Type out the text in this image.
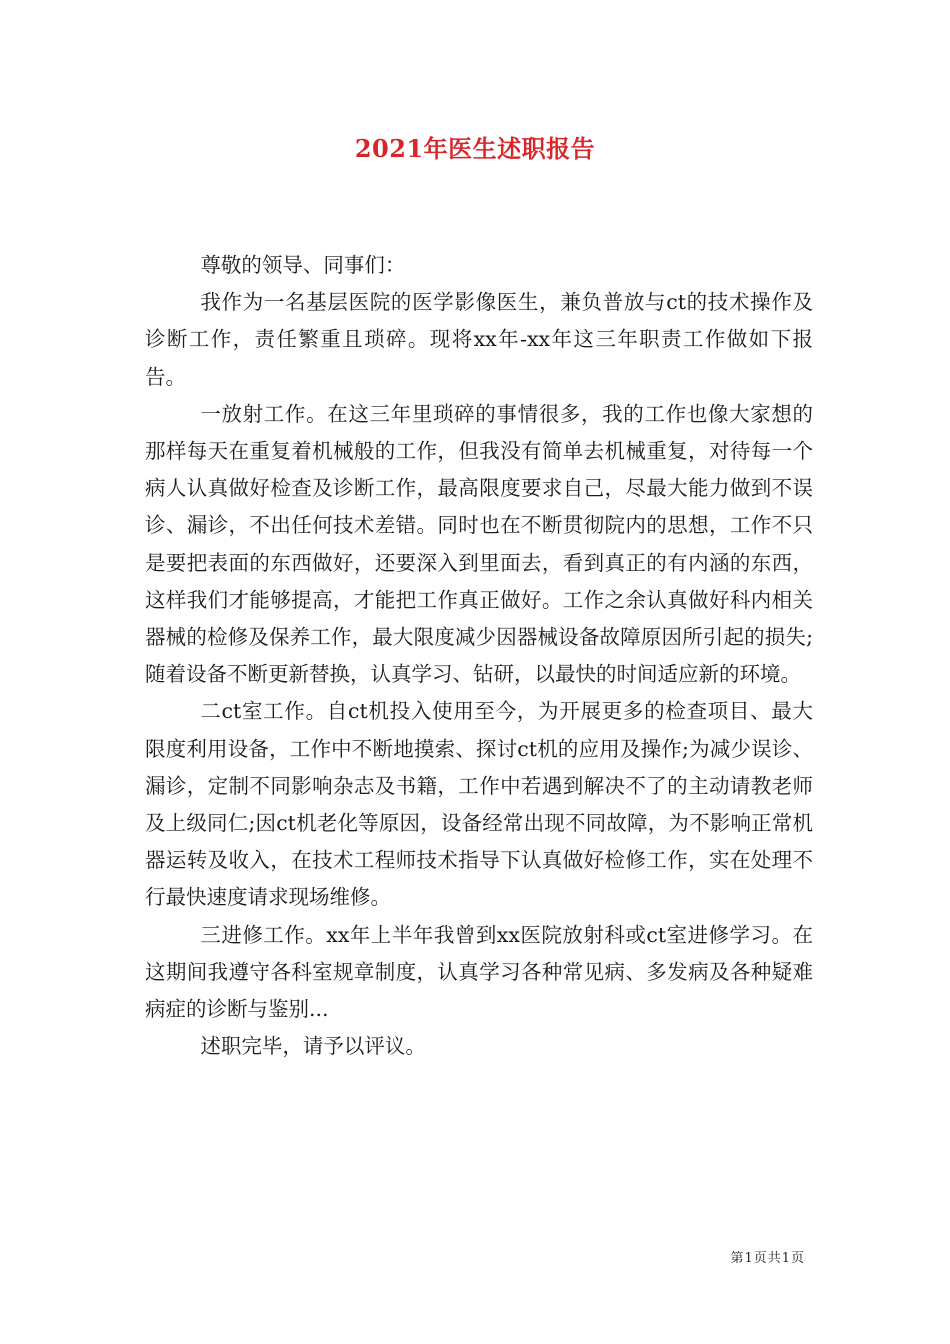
2021年医生述职报告

尊敬的领导、同事们：

我作为一名基层医院的医学影像医生，兼负普放与ct的技术操作及诊断工作，责任繁重且琐碎。现将xx年-xx年这三年职责工作做如下报告。

一放射工作。在这三年里琐碎的事情很多，我的工作也像大家想的那样每天在重复着机械般的工作，但我没有简单去机械重复，对待每一个病人认真做好检查及诊断工作，最高限度要求自己，尽最大能力做到不误诊、漏诊，不出任何技术差错。同时也在不断贯彻院内的思想，工作不只是要把表面的东西做好，还要深入到里面去，看到真正的有内涵的东西，这样我们才能够提高，才能把工作真正做好。工作之余认真做好科内相关器械的检修及保养工作，最大限度减少因器械设备故障原因所引起的损失;随着设备不断更新替换，认真学习、钻研，以最快的时间适应新的环境。

二ct室工作。自ct机投入使用至今，为开展更多的检查项目、最大限度利用设备，工作中不断地摸索、探讨ct机的应用及操作;为减少误诊、漏诊，定制不同影响杂志及书籍，工作中若遇到解决不了的主动请教老师及上级同仁;因ct机老化等原因，设备经常出现不同故障，为不影响正常机器运转及收入，在技术工程师技术指导下认真做好检修工作，实在处理不行最快速度请求现场维修。

三进修工作。xx年上半年我曾到xx医院放射科或ct室进修学习。在这期间我遵守各科室规章制度，认真学习各种常见病、多发病及各种疑难病症的诊断与鉴别...

述职完毕，请予以评议。

第1页共1页
